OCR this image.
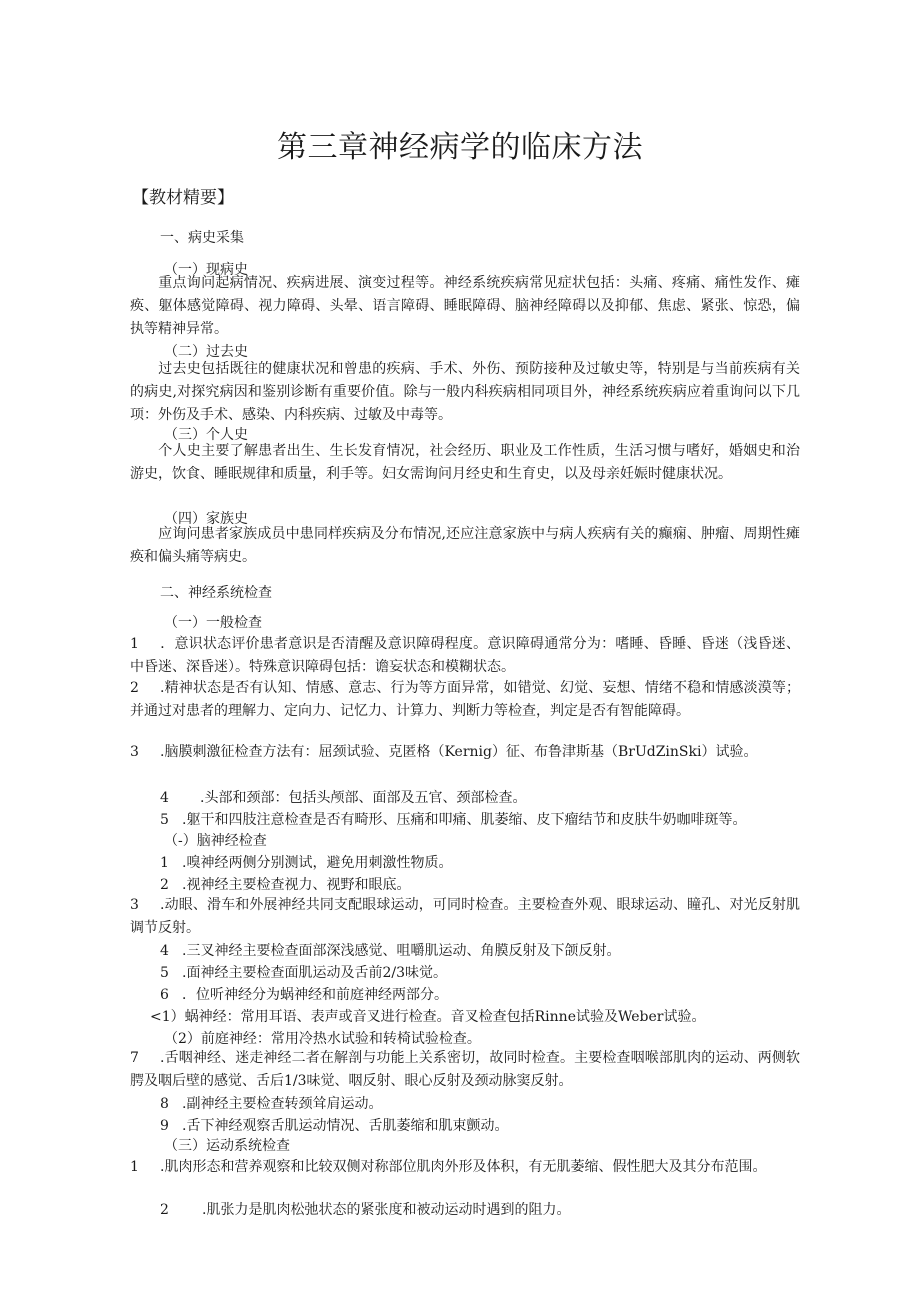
第三章神经病学的临床方法
【教材精要】
一、病史采集
（一）现病史
重点询问起病情况、疾病进展、演变过程等。神经系统疾病常见症状包括：头痛、疼痛、痛性发作、瘫痪、躯体感觉障碍、视力障碍、头晕、语言障碍、睡眠障碍、脑神经障碍以及抑郁、焦虑、紧张、惊恐，偏执等精神异常。
（二）过去史
过去史包括既往的健康状况和曾患的疾病、手术、外伤、预防接种及过敏史等，特别是与当前疾病有关的病史,对探究病因和鉴别诊断有重要价值。除与一般内科疾病相同项目外，神经系统疾病应着重询问以下几项：外伤及手术、感染、内科疾病、过敏及中毒等。
（三）个人史
个人史主要了解患者出生、生长发育情况，社会经历、职业及工作性质，生活习惯与嗜好，婚姻史和治游史，饮食、睡眠规律和质量，利手等。妇女需询问月经史和生育史，以及母亲妊娠时健康状况。
（四）家族史
应询问患者家族成员中患同样疾病及分布情况,还应注意家族中与病人疾病有关的癫痫、肿瘤、周期性瘫痪和偏头痛等病史。
二、神经系统检查
（一）一般检查
1 ．意识状态评价患者意识是否清醒及意识障碍程度。意识障碍通常分为：嗜睡、昏睡、昏迷（浅昏迷、中昏迷、深昏迷）。特殊意识障碍包括：谵妄状态和模糊状态。
2 .精神状态是否有认知、情感、意志、行为等方面异常，如错觉、幻觉、妄想、情绪不稳和情感淡漠等；并通过对患者的理解力、定向力、记忆力、计算力、判断力等检查，判定是否有智能障碍。
3 .脑膜刺激征检查方法有：屈颈试验、克匿格（Kernig）征、布鲁津斯基（BrUdZinSki）试验。
4 .头部和颈部：包括头颅部、面部及五官、颈部检查。
5 .躯干和四肢注意检查是否有畸形、压痛和叩痛、肌萎缩、皮下瘤结节和皮肤牛奶咖啡斑等。
（-）脑神经检查
1 .嗅神经两侧分别测试，避免用刺激性物质。
2 .视神经主要检查视力、视野和眼底。
3 .动眼、滑车和外展神经共同支配眼球运动，可同时检查。主要检查外观、眼球运动、瞳孔、对光反射肌调节反射。
4 .三叉神经主要检查面部深浅感觉、咀嚼肌运动、角膜反射及下颌反射。
5 .面神经主要检查面肌运动及舌前2/3味觉。
6 ．位听神经分为蜗神经和前庭神经两部分。
<1）蜗神经：常用耳语、表声或音叉进行检查。音叉检查包括Rinne试验及Weber试验。
（2）前庭神经：常用冷热水试验和转椅试验检查。
7 .舌咽神经、迷走神经二者在解剖与功能上关系密切，故同时检查。主要检查咽喉部肌肉的运动、两侧软腭及咽后壁的感觉、舌后1/3味觉、咽反射、眼心反射及颈动脉窦反射。
8 .副神经主要检查转颈耸肩运动。
9 .舌下神经观察舌肌运动情况、舌肌萎缩和肌束颤动。
（三）运动系统检查
1 .肌肉形态和营养观察和比较双侧对称部位肌肉外形及体积，有无肌萎缩、假性肥大及其分布范围。
2 .肌张力是肌肉松弛状态的紧张度和被动运动时遇到的阻力。
